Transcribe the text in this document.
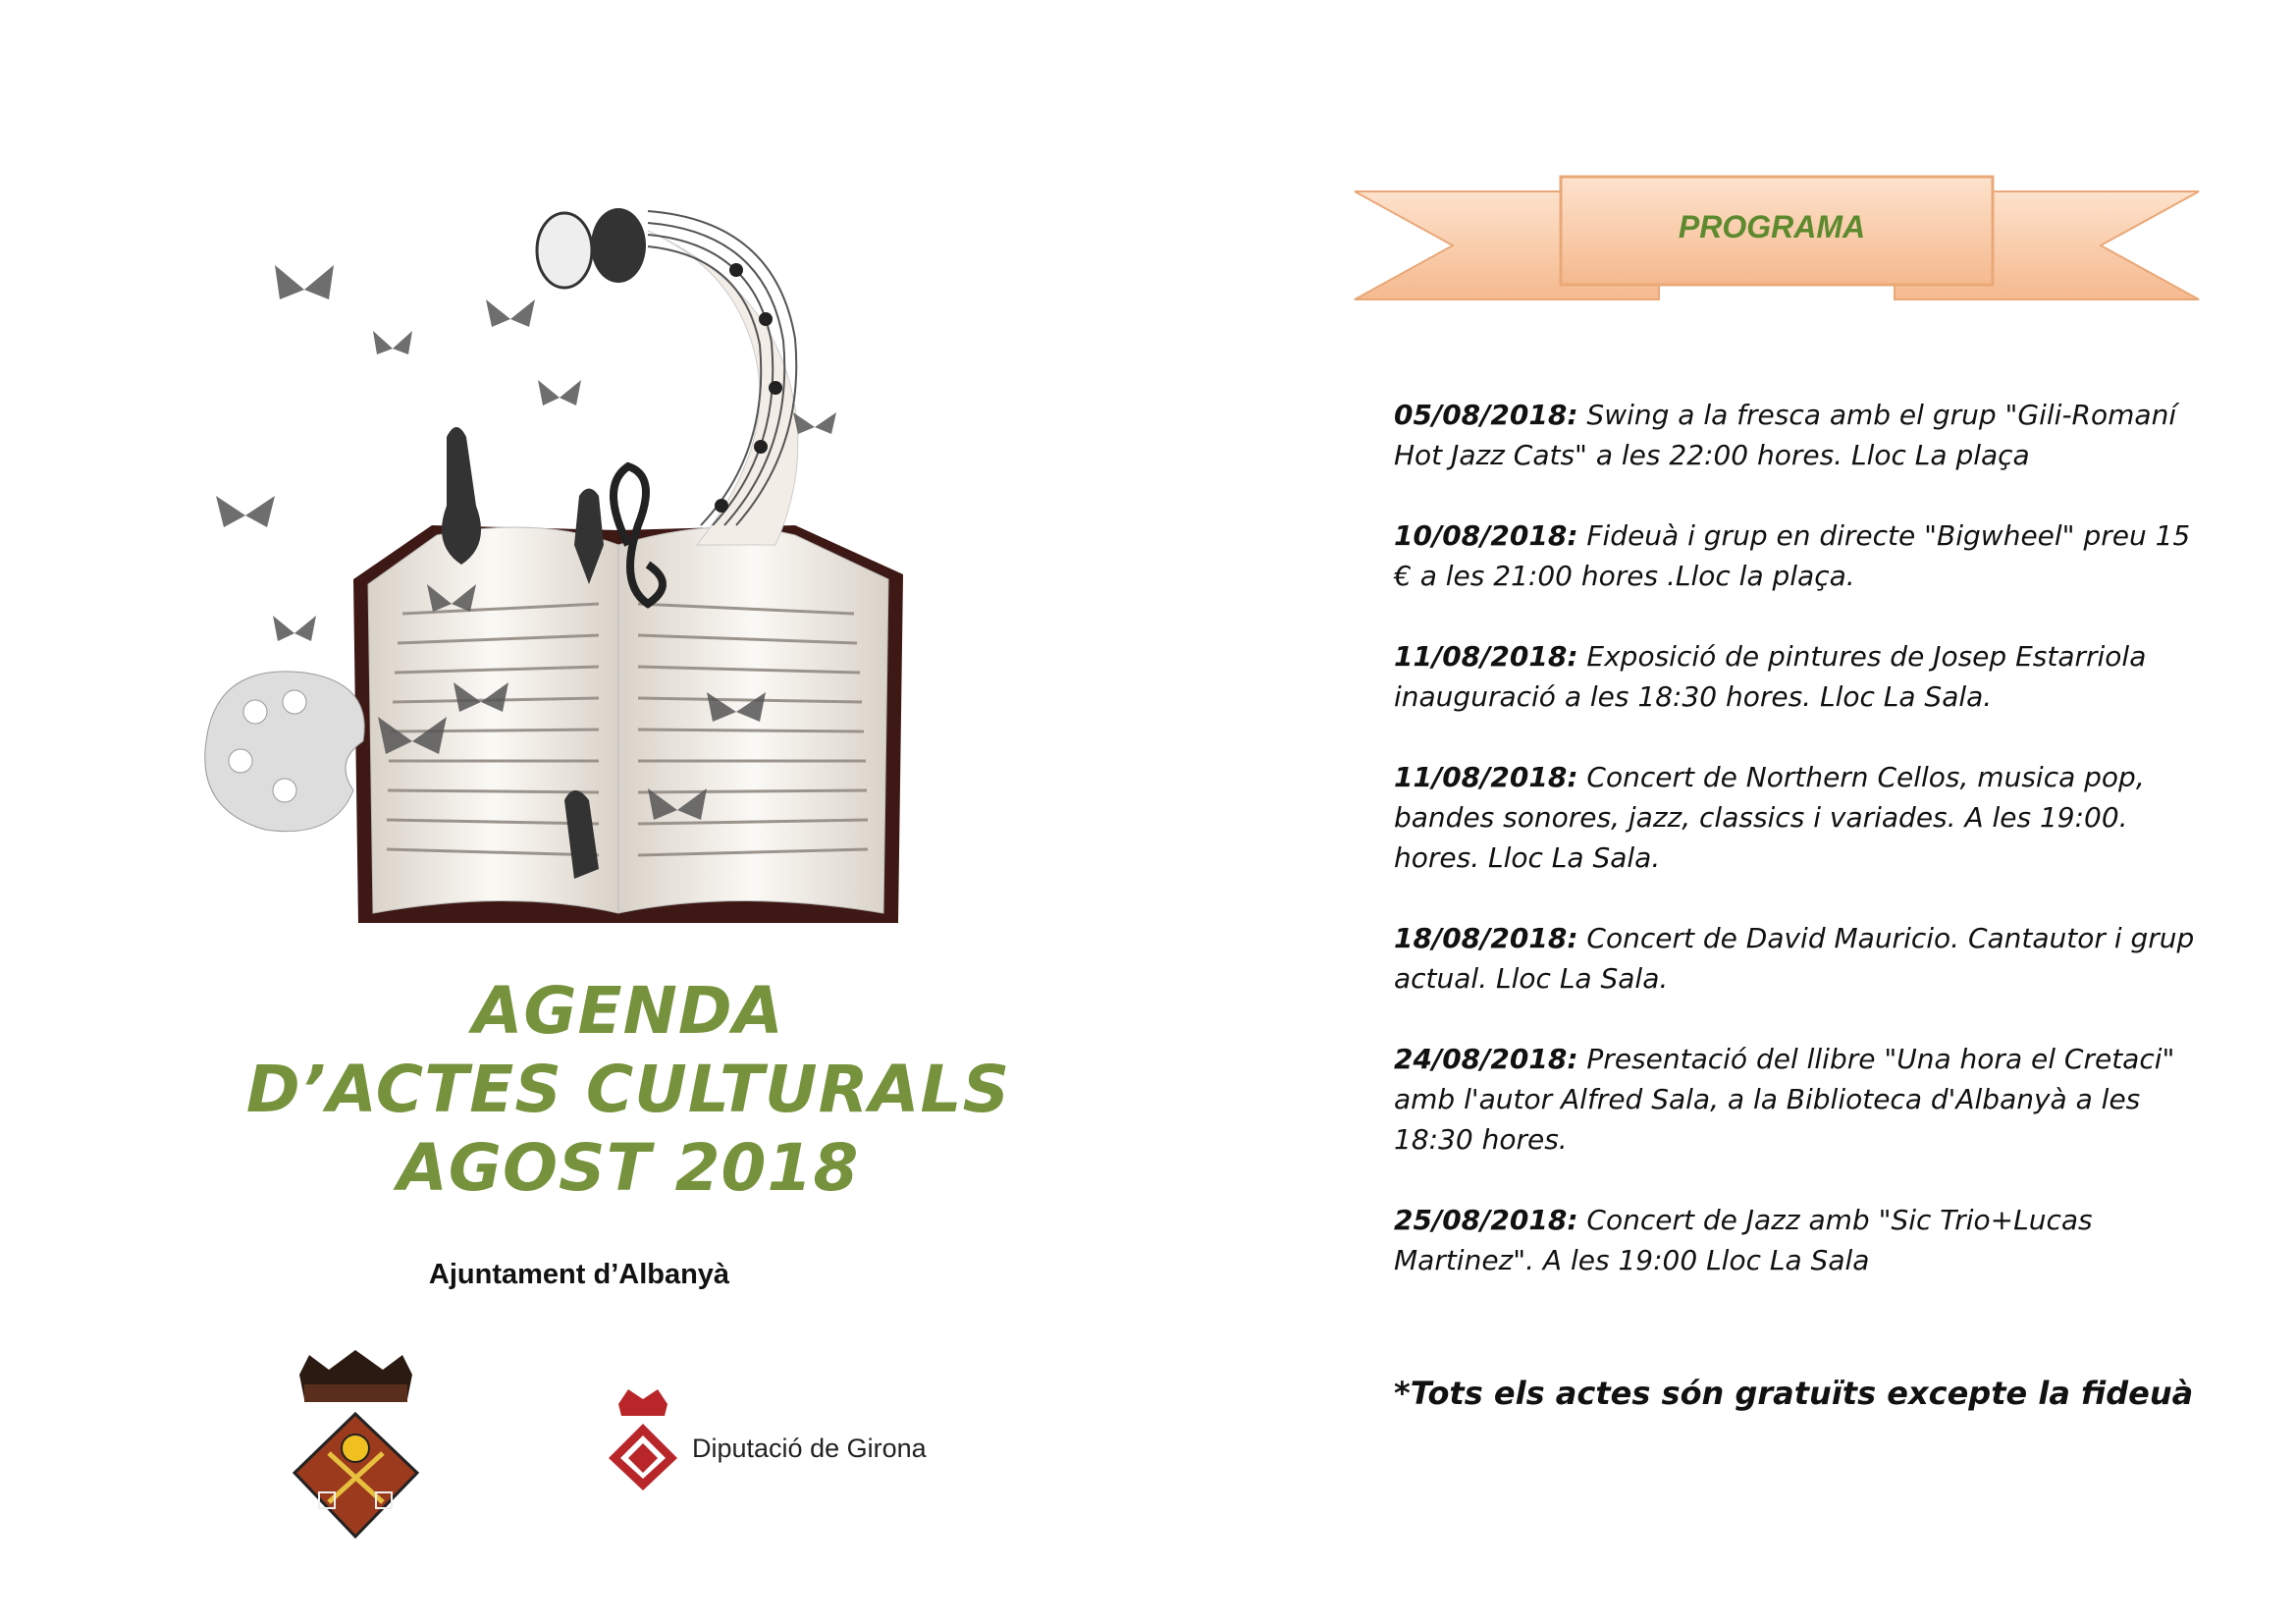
AGENDA
D’ACTES CULTURALS
AGOST 2018
Ajuntament d’Albanyà
Diputació de Girona
PROGRAMA
05/08/2018: Swing a la fresca amb el grup "Gili-Romaní Hot Jazz Cats" a les 22:00 hores. Lloc La plaça
10/08/2018: Fideuà i grup en directe "Bigwheel" preu 15 € a les 21:00 hores .Lloc la plaça.
11/08/2018: Exposició de pintures de Josep Estarriola inauguració a les 18:30 hores. Lloc La Sala.
11/08/2018: Concert de Northern Cellos, musica pop, bandes sonores, jazz, classics i variades. A les 19:00. hores. Lloc La Sala.
18/08/2018: Concert de David Mauricio. Cantautor i grup actual. Lloc La Sala.
24/08/2018: Presentació del llibre "Una hora el Cretaci" amb l'autor Alfred Sala, a la Biblioteca d'Albanyà a les 18:30 hores.
25/08/2018: Concert de Jazz amb "Sic Trio+Lucas Martinez". A les 19:00 Lloc La Sala
*Tots els actes són gratuïts excepte la fideuà
